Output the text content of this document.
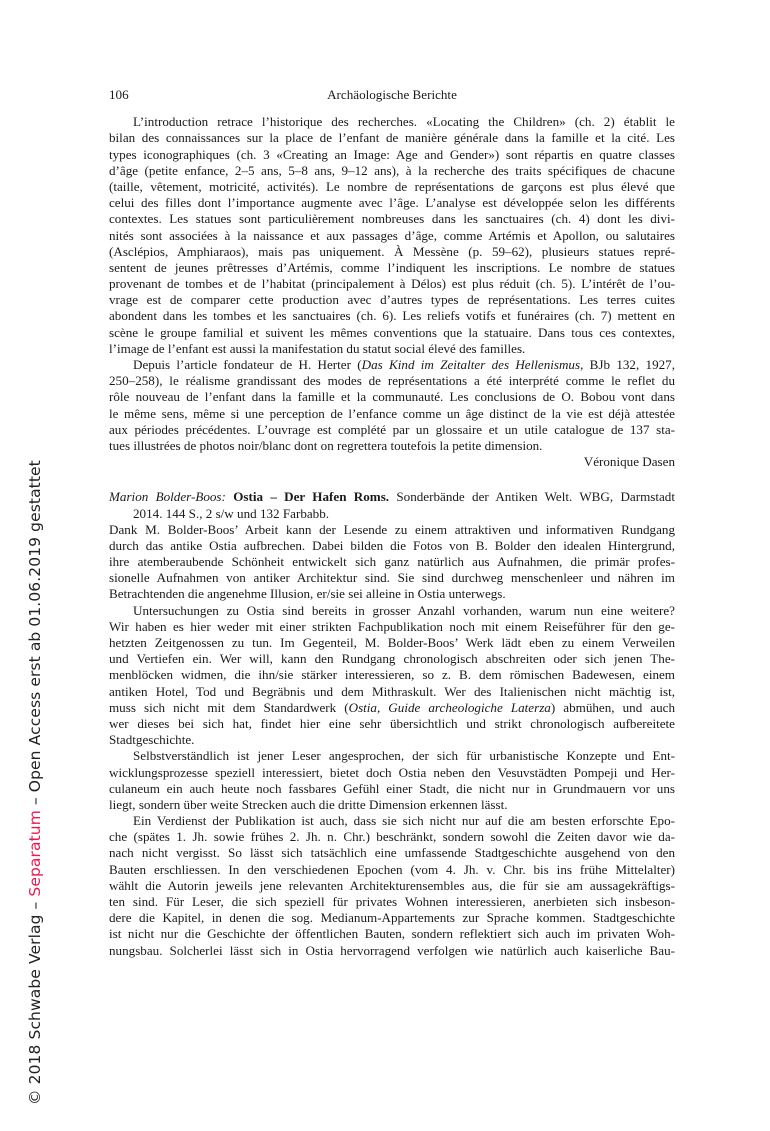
© 2018 Schwabe Verlag – Separatum – Open Access erst ab 01.06.2019 gestattet
106	Archäologische Berichte
L’introduction retrace l’historique des recherches. «Locating the Children» (ch. 2) établit le
bilan des connaissances sur la place de l’enfant de manière générale dans la famille et la cité. Les
types iconographiques (ch. 3 «Creating an Image: Age and Gender») sont répartis en quatre classes
d’âge (petite enfance, 2–5 ans, 5–8 ans, 9–12 ans), à la recherche des traits spécifiques de chacune
(taille, vêtement, motricité, activités). Le nombre de représentations de garçons est plus élevé que
celui des filles dont l’importance augmente avec l’âge. L’analyse est développée selon les différents
contextes. Les statues sont particulièrement nombreuses dans les sanctuaires (ch. 4) dont les divi-
nités sont associées à la naissance et aux passages d’âge, comme Artémis et Apollon, ou salutaires
(Asclépios, Amphiaraos), mais pas uniquement. À Messène (p. 59–62), plusieurs statues repré-
sentent de jeunes prêtresses d’Artémis, comme l’indiquent les inscriptions. Le nombre de statues
provenant de tombes et de l’habitat (principalement à Délos) est plus réduit (ch. 5). L’intérêt de l’ou-
vrage est de comparer cette production avec d’autres types de représentations. Les terres cuites
abondent dans les tombes et les sanctuaires (ch. 6). Les reliefs votifs et funéraires (ch. 7) mettent en
scène le groupe familial et suivent les mêmes conventions que la statuaire. Dans tous ces contextes,
l’image de l’enfant est aussi la manifestation du statut social élevé des familles.
Depuis l’article fondateur de H. Herter (Das Kind im Zeitalter des Hellenismus, BJb 132, 1927,
250–258), le réalisme grandissant des modes de représentations a été interprété comme le reflet du
rôle nouveau de l’enfant dans la famille et la communauté. Les conclusions de O. Bobou vont dans
le même sens, même si une perception de l’enfance comme un âge distinct de la vie est déjà attestée
aux périodes précédentes. L’ouvrage est complété par un glossaire et un utile catalogue de 137 sta-
tues illustrées de photos noir/blanc dont on regrettera toutefois la petite dimension.
Véronique Dasen
Marion Bolder-Boos: Ostia – Der Hafen Roms. Sonderbände der Antiken Welt. WBG, Darmstadt
2014. 144 S., 2 s/w und 132 Farbabb.
Dank M. Bolder-Boos’ Arbeit kann der Lesende zu einem attraktiven und informativen Rundgang
durch das antike Ostia aufbrechen. Dabei bilden die Fotos von B. Bolder den idealen Hintergrund,
ihre atemberaubende Schönheit entwickelt sich ganz natürlich aus Aufnahmen, die primär profes-
sionelle Aufnahmen von antiker Architektur sind. Sie sind durchweg menschenleer und nähren im
Betrachtenden die angenehme Illusion, er/sie sei alleine in Ostia unterwegs.
Untersuchungen zu Ostia sind bereits in grosser Anzahl vorhanden, warum nun eine weitere?
Wir haben es hier weder mit einer strikten Fachpublikation noch mit einem Reiseführer für den ge-
hetzten Zeitgenossen zu tun. Im Gegenteil, M. Bolder-Boos’ Werk lädt eben zu einem Verweilen
und Vertiefen ein. Wer will, kann den Rundgang chronologisch abschreiten oder sich jenen The-
menblöcken widmen, die ihn/sie stärker interessieren, so z. B. dem römischen Badewesen, einem
antiken Hotel, Tod und Begräbnis und dem Mithraskult. Wer des Italienischen nicht mächtig ist,
muss sich nicht mit dem Standardwerk (Ostia, Guide archeologiche Laterza) abmühen, und auch
wer dieses bei sich hat, findet hier eine sehr übersichtlich und strikt chronologisch aufbereitete
Stadtgeschichte.
Selbstverständlich ist jener Leser angesprochen, der sich für urbanistische Konzepte und Ent-
wicklungsprozesse speziell interessiert, bietet doch Ostia neben den Vesuvstädten Pompeji und Her-
culaneum ein auch heute noch fassbares Gefühl einer Stadt, die nicht nur in Grundmauern vor uns
liegt, sondern über weite Strecken auch die dritte Dimension erkennen lässt.
Ein Verdienst der Publikation ist auch, dass sie sich nicht nur auf die am besten erforschte Epo-
che (spätes 1. Jh. sowie frühes 2. Jh. n. Chr.) beschränkt, sondern sowohl die Zeiten davor wie da-
nach nicht vergisst. So lässt sich tatsächlich eine umfassende Stadtgeschichte ausgehend von den
Bauten erschliessen. In den verschiedenen Epochen (vom 4. Jh. v. Chr. bis ins frühe Mittelalter)
wählt die Autorin jeweils jene relevanten Architekturensembles aus, die für sie am aussagekräftigs-
ten sind. Für Leser, die sich speziell für privates Wohnen interessieren, anerbieten sich insbeson-
dere die Kapitel, in denen die sog. Medianum-Appartements zur Sprache kommen. Stadtgeschichte
ist nicht nur die Geschichte der öffentlichen Bauten, sondern reflektiert sich auch im privaten Woh-
nungsbau. Solcherlei lässt sich in Ostia hervorragend verfolgen wie natürlich auch kaiserliche Bau-
